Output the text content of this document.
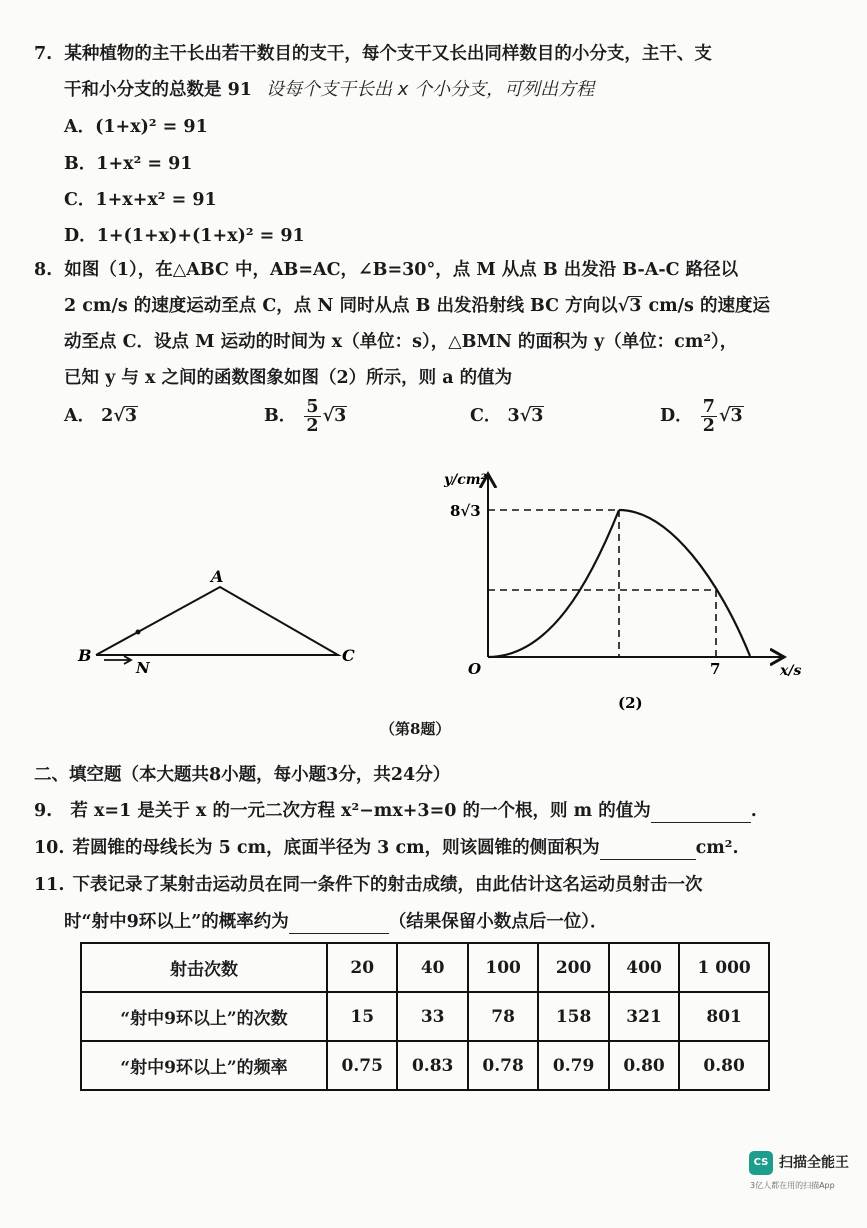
7. 某种植物的主干长出若干数目的支干，每个支干又长出同样数目的小分支，主干、支
干和小分支的总数是 91 设每个支干长出 x 个小分支，可列出方程
A．(1+x)² = 91
B．1+x² = 91
C．1+x+x² = 91
D．1+(1+x)+(1+x)² = 91
8. 如图（1），在△ABC 中，AB=AC，∠B=30°，点 M 从点 B 出发沿 B-A-C 路径以
2 cm/s 的速度运动至点 C，点 N 同时从点 B 出发沿射线 BC 方向以√3 cm/s 的速度运
动至点 C．设点 M 运动的时间为 x（单位：s），△BMN 的面积为 y（单位：cm²），
已知 y 与 x 之间的函数图象如图（2）所示，则 a 的值为
A． 2√3	B． $\frac{5}{2} √3$	C． 3√3	D． $\frac{7}{2} √3$
A
B	C
N
y/cm²
x/s
O
8√3
7
(2)
（第8题）
二、填空题（本大题共8小题，每小题3分，共24分）
9. 若 x=1 是关于 x 的一元二次方程 x²−mx+3=0 的一个根，则 m 的值为	.
10. 若圆锥的母线长为 5 cm，底面半径为 3 cm，则该圆锥的侧面积为	cm².
11. 下表记录了某射击运动员在同一条件下的射击成绩，由此估计这名运动员射击一次
时“射中9环以上”的概率约为	（结果保留小数点后一位）．
射击次数	20	40	100	200	400	1 000
“射中9环以上”的次数	15	33	78	158	321	801
“射中9环以上”的频率	0.75	0.83	0.78	0.79	0.80	0.80
CS 扫描全能王
3亿人都在用的扫描App
